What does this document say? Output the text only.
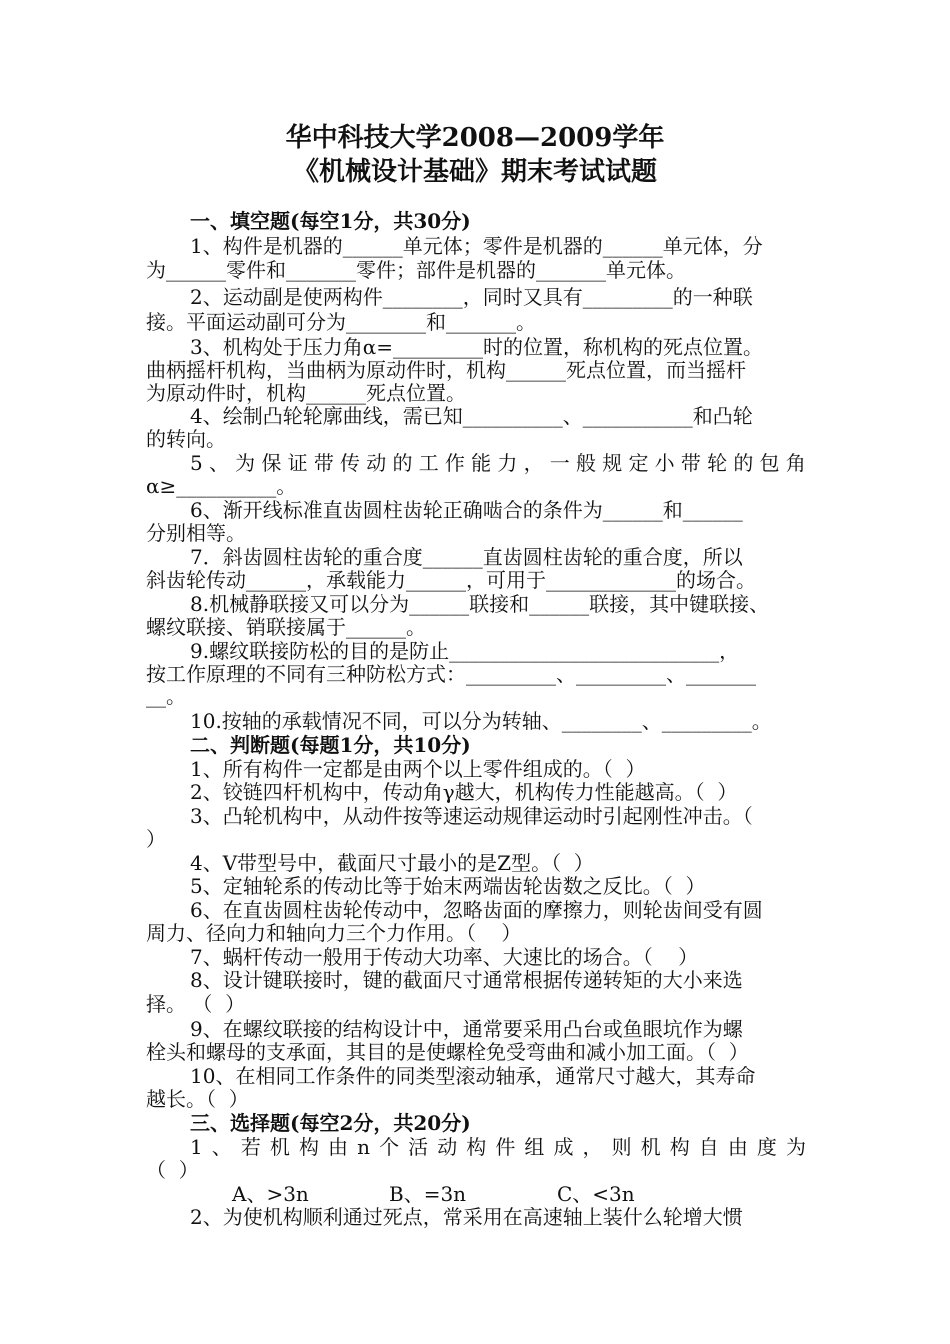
华中科技大学2008—2009学年
《机械设计基础》期末考试试题
一、填空题(每空1分，共30分)
1、构件是机器的______单元体；零件是机器的______单元体，分
为______零件和_______零件；部件是机器的_______单元体。
2、运动副是使两构件________，同时又具有_________的一种联
接。平面运动副可分为________和_______。
3、机构处于压力角α=_________时的位置，称机构的死点位置。
曲柄摇杆机构，当曲柄为原动件时，机构______死点位置，而当摇杆
为原动件时，机构______死点位置。
4、绘制凸轮轮廓曲线，需已知__________、___________和凸轮
的转向。
5 、 为 保 证 带 传 动 的 工 作 能 力 ， 一 般 规 定 小 带 轮 的 包 角
α≥__________。
6、渐开线标准直齿圆柱齿轮正确啮合的条件为______和______
分别相等。
7．斜齿圆柱齿轮的重合度______直齿圆柱齿轮的重合度，所以
斜齿轮传动______，承载能力______，可用于_____________的场合。
8.机械静联接又可以分为______联接和______联接，其中键联接、
螺纹联接、销联接属于______。
9.螺纹联接防松的目的是防止___________________________，
按工作原理的不同有三种防松方式：_________、_________、_______
__。
10.按轴的承载情况不同，可以分为转轴、________、_________。
二、判断题(每题1分，共10分)
1、所有构件一定都是由两个以上零件组成的。（  ）
2、铰链四杆机构中，传动角γ越大，机构传力性能越高。（  ）
3、凸轮机构中，从动件按等速运动规律运动时引起刚性冲击。（
）
4、V带型号中，截面尺寸最小的是Z型。（  ）
5、定轴轮系的传动比等于始末两端齿轮齿数之反比。（  ）
6、在直齿圆柱齿轮传动中，忽略齿面的摩擦力，则轮齿间受有圆
周力、径向力和轴向力三个力作用。（    ）
7、蜗杆传动一般用于传动大功率、大速比的场合。（    ）
8、设计键联接时，键的截面尺寸通常根据传递转矩的大小来选
择。 （  ）
9、在螺纹联接的结构设计中，通常要采用凸台或鱼眼坑作为螺
栓头和螺母的支承面，其目的是使螺栓免受弯曲和减小加工面。（  ）
10、在相同工作条件的同类型滚动轴承，通常尺寸越大，其寿命
越长。（  ）
三、选择题(每空2分，共20分)
1 、 若 机 构 由 n 个 活 动 构 件 组 成 ， 则 机 构 自 由 度 为
（  ）
A、>3n	B、=3n	C、<3n
2、为使机构顺利通过死点，常采用在高速轴上装什么轮增大惯
